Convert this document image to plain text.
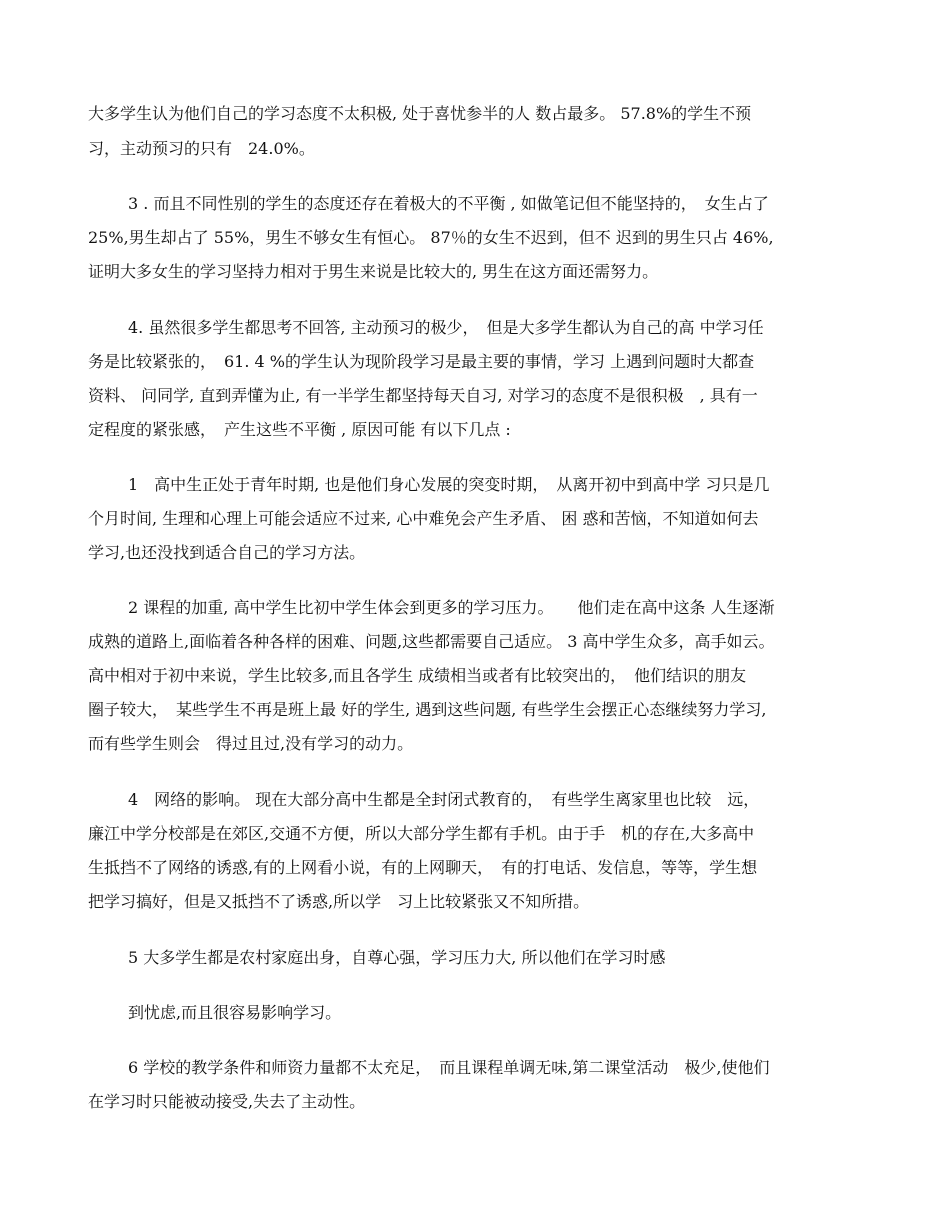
大多学生认为他们自己的学习态度不太积极, 处于喜忧参半的人 数占最多。 57.8%的学生不预
习，主动预习的只有　24.0%。
3 . 而且不同性别的学生的态度还存在着极大的不平衡 , 如做笔记但不能坚持的，　女生占了
25%,男生却占了 55%，男生不够女生有恒心。 87％的女生不迟到，但不 迟到的男生只占 46%,
证明大多女生的学习坚持力相对于男生来说是比较大的, 男生在这方面还需努力。
4. 虽然很多学生都思考不回答, 主动预习的极少，　但是大多学生都认为自己的高 中学习任
务是比较紧张的，　61. 4 %的学生认为现阶段学习是最主要的事情，学习 上遇到问题时大都查
资料、 问同学, 直到弄懂为止, 有一半学生都坚持每天自习, 对学习的态度不是很积极　, 具有一
定程度的紧张感，　产生这些不平衡 , 原因可能 有以下几点 :
1　高中生正处于青年时期, 也是他们身心发展的突变时期，　从离开初中到高中学 习只是几
个月时间, 生理和心理上可能会适应不过来, 心中难免会产生矛盾、 困 惑和苦恼，不知道如何去
学习,也还没找到适合自己的学习方法。
2 课程的加重, 高中学生比初中学生体会到更多的学习压力。　　他们走在高中这条 人生逐渐
成熟的道路上,面临着各种各样的困难、问题,这些都需要自己适应。 3 高中学生众多，高手如云。
高中相对于初中来说，学生比较多,而且各学生 成绩相当或者有比较突出的，　他们结识的朋友
圈子较大，　某些学生不再是班上最 好的学生, 遇到这些问题, 有些学生会摆正心态继续努力学习,
而有些学生则会　得过且过,没有学习的动力。
4　网络的影响。 现在大部分高中生都是全封闭式教育的，　有些学生离家里也比较　远，
廉江中学分校部是在郊区,交通不方便，所以大部分学生都有手机。由于手　机的存在,大多高中
生抵挡不了网络的诱惑,有的上网看小说，有的上网聊天，　有的打电话、发信息，等等，学生想
把学习搞好，但是又抵挡不了诱惑,所以学　习上比较紧张又不知所措。
5 大多学生都是农村家庭出身，自尊心强，学习压力大, 所以他们在学习时感
到忧虑,而且很容易影响学习。
6 学校的教学条件和师资力量都不太充足，　而且课程单调无味,第二课堂活动　极少,使他们
在学习时只能被动接受,失去了主动性。
